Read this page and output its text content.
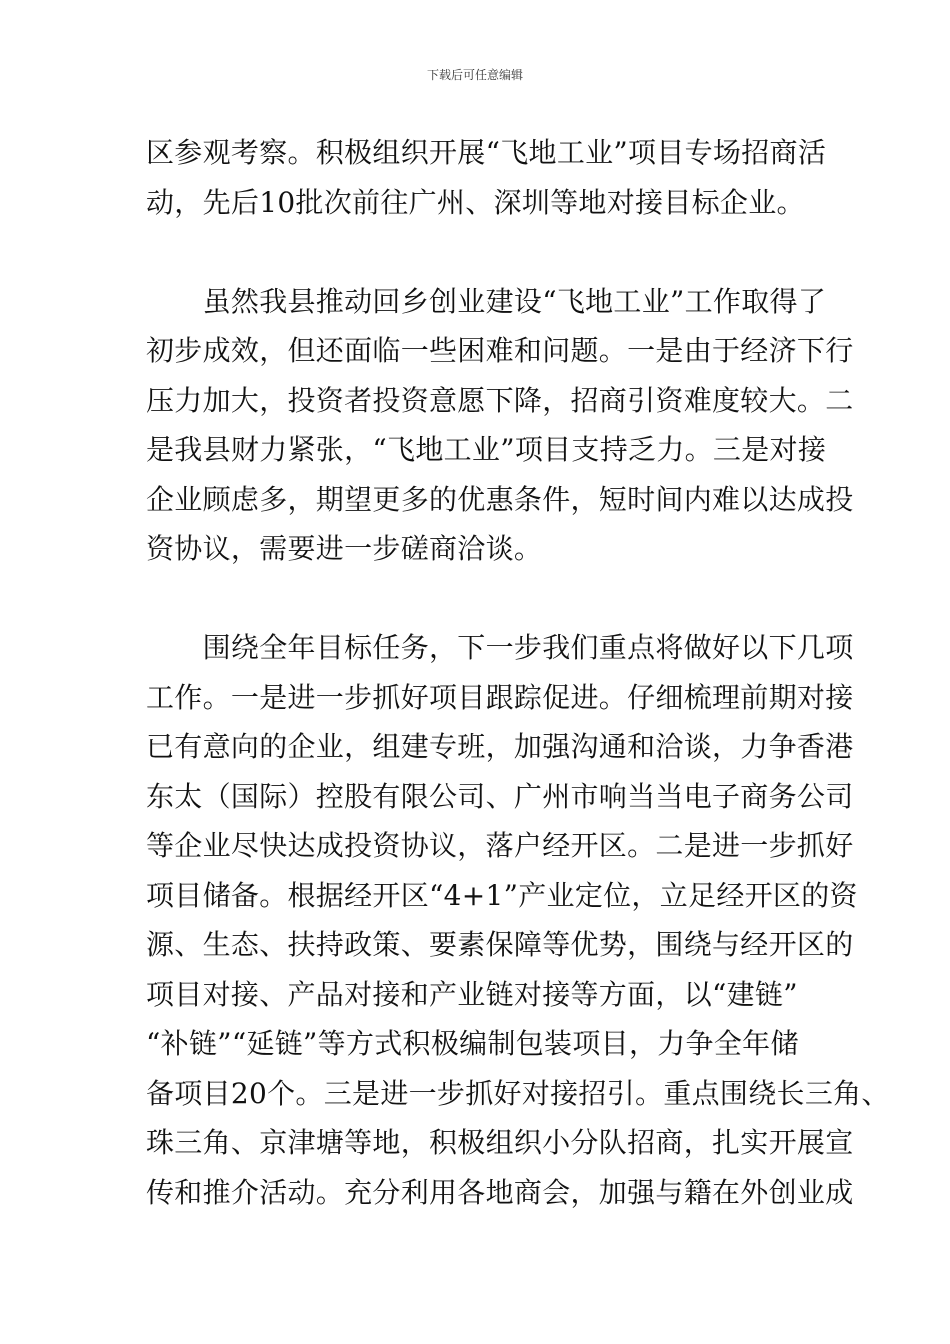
下载后可任意编辑
区参观考察。积极组织开展“飞地工业”项目专场招商活
动，先后10批次前往广州、深圳等地对接目标企业。
　　虽然我县推动回乡创业建设“飞地工业”工作取得了
初步成效，但还面临一些困难和问题。一是由于经济下行
压力加大，投资者投资意愿下降，招商引资难度较大。二
是我县财力紧张，“飞地工业”项目支持乏力。三是对接
企业顾虑多，期望更多的优惠条件，短时间内难以达成投
资协议，需要进一步磋商洽谈。
　　围绕全年目标任务，下一步我们重点将做好以下几项
工作。一是进一步抓好项目跟踪促进。仔细梳理前期对接
已有意向的企业，组建专班，加强沟通和洽谈，力争香港
东太（国际）控股有限公司、广州市响当当电子商务公司
等企业尽快达成投资协议，落户经开区。二是进一步抓好
项目储备。根据经开区“4+1”产业定位，立足经开区的资
源、生态、扶持政策、要素保障等优势，围绕与经开区的
项目对接、产品对接和产业链对接等方面，以“建链”
“补链”“延链”等方式积极编制包装项目，力争全年储
备项目20个。三是进一步抓好对接招引。重点围绕长三角、
珠三角、京津塘等地，积极组织小分队招商，扎实开展宣
传和推介活动。充分利用各地商会，加强与籍在外创业成
